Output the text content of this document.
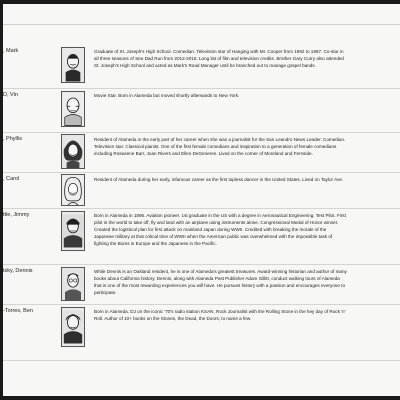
, Mark	Graduate of St. Joseph's High School. Comedian. Television star of Hanging with Mr. Cooper from 1992 to 1997. Co-star in
all three seasons of See Dad Run from 2012-2015. Long list of film and television credits. Brother Gary Curry also attended
St. Joseph's High School and acted as Mark's Road Manager until he branched out to manage gospel bands.
D, Vin	Movie Star. Born in Alameda but moved shortly afterwards to New York.
, Phyllis	Resident of Alameda in the early part of her career when she was a journalist for the San Leandro News Leader. Comedian.
Television star. Classical pianist. One of the first female comedians and inspiration to a generation of female comedians
including Roseanne Barr, Joan Rivers and Ellen DeGeneres. Lived on the corner of Moreland and Fernside.
, Carol	Resident of Alameda during her early, infamous career as the first topless dancer in the United States. Lived on Taylor Ave.
ttle, Jimmy	Born in Alameda in 1896. Aviation pioneer. 1st graduate in the US with a degree in Aeronautical Engineering. Test Pilot. First
pilot in the world to take off, fly and land with an airplane using instruments alone. Congressional Medal of Honor winner.
Created the logistical plan for first attack on mainland Japan during WWII. Credited with breaking the morale of the
Japanese military at that critical time of WWII when the American public was overwhelmed with the impossible task of
fighting the Bums in Europe and the Japanese in the Pacific.
tsky, Dennis	While Dennis is an Oakland resident, he is one of Alameda's greatest treasures. Award-winning historian and author of many
books about California history. Dennis, along with Alameda Post Publisher Adam Gillitt, conduct walking tours of Alameda
that is one of the most rewarding experiences you will have. He pursues history with a passion and encourages everyone to
participate.
-Torres, Ben	Born in Alameda. DJ on the iconic '70's radio station KSAN. Rock Journalist with the Rolling Stone in the hey day of Rock 'n'
Roll. Author of 10+ books on the Stones, the Dead, the Doors, to name a few.
